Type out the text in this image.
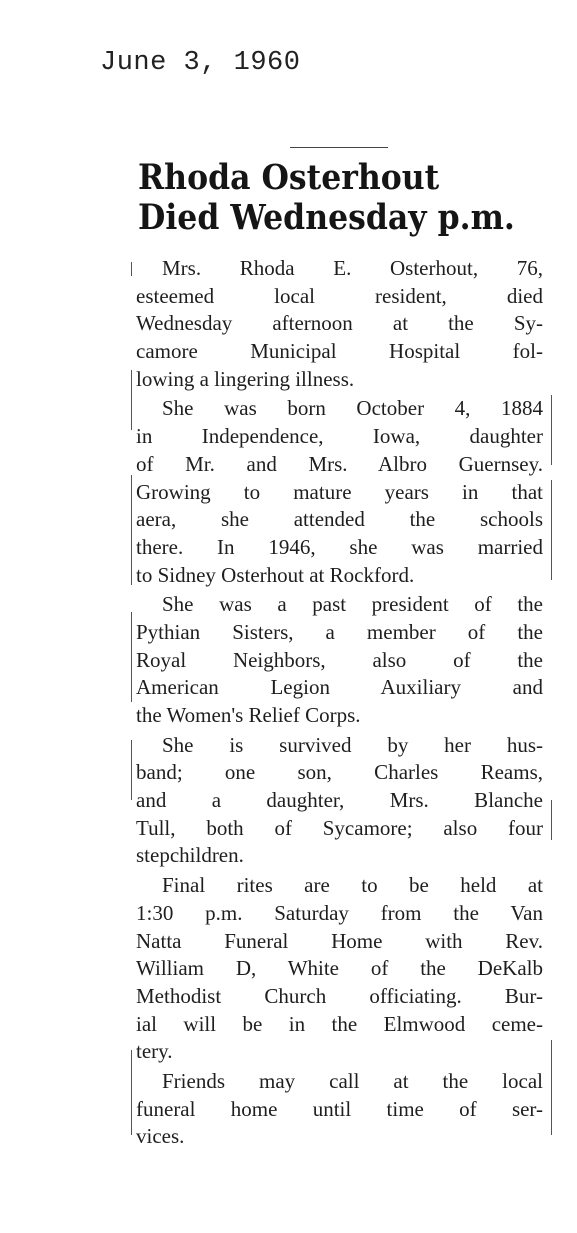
June 3, 1960
Rhoda Osterhout
Died Wednesday p.m.

Mrs. Rhoda E. Osterhout, 76,
esteemed local resident, died
Wednesday afternoon at the Sy-
camore Municipal Hospital fol-
lowing a lingering illness.

She was born October 4, 1884
in Independence, Iowa, daughter
of Mr. and Mrs. Albro Guernsey.
Growing to mature years in that
aera, she attended the schools
there. In 1946, she was married
to Sidney Osterhout at Rockford.

She was a past president of the
Pythian Sisters, a member of the
Royal Neighbors, also of the
American Legion Auxiliary and
the Women's Relief Corps.

She is survived by her hus-
band; one son, Charles Reams,
and a daughter, Mrs. Blanche
Tull, both of Sycamore; also four
stepchildren.

Final rites are to be held at
1:30 p.m. Saturday from the Van
Natta Funeral Home with Rev.
William D, White of the DeKalb
Methodist Church officiating. Bur-
ial will be in the Elmwood ceme-
tery.

Friends may call at the local
funeral home until time of ser-
vices.
